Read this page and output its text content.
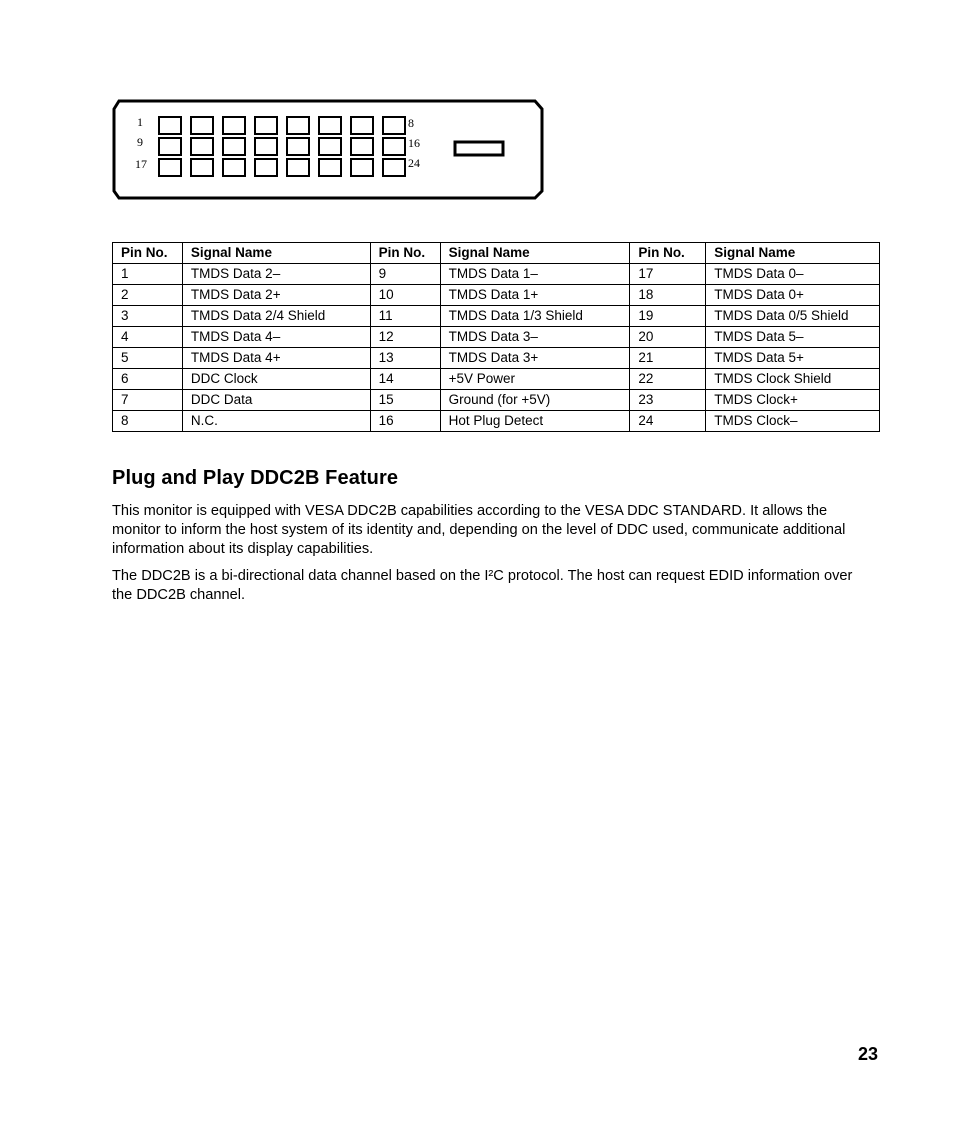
1
9
17
8
16
24
Pin No.	Signal Name	Pin No.	Signal Name	Pin No.	Signal Name
1	TMDS Data 2–	9	TMDS Data 1–	17	TMDS Data 0–
2	TMDS Data 2+	10	TMDS Data 1+	18	TMDS Data 0+
3	TMDS Data 2/4 Shield	11	TMDS Data 1/3 Shield	19	TMDS Data 0/5 Shield
4	TMDS Data 4–	12	TMDS Data 3–	20	TMDS Data 5–
5	TMDS Data 4+	13	TMDS Data 3+	21	TMDS Data 5+
6	DDC Clock	14	+5V Power	22	TMDS Clock Shield
7	DDC Data	15	Ground (for +5V)	23	TMDS Clock+
8	N.C.	16	Hot Plug Detect	24	TMDS Clock–
Plug and Play DDC2B Feature

This monitor is equipped with VESA DDC2B capabilities according to the VESA DDC STANDARD. It allows the monitor to inform the host system of its identity and, depending on the level of DDC used, communicate additional information about its display capabilities.

The DDC2B is a bi-directional data channel based on the I²C protocol. The host can request EDID information over the DDC2B channel.

23
